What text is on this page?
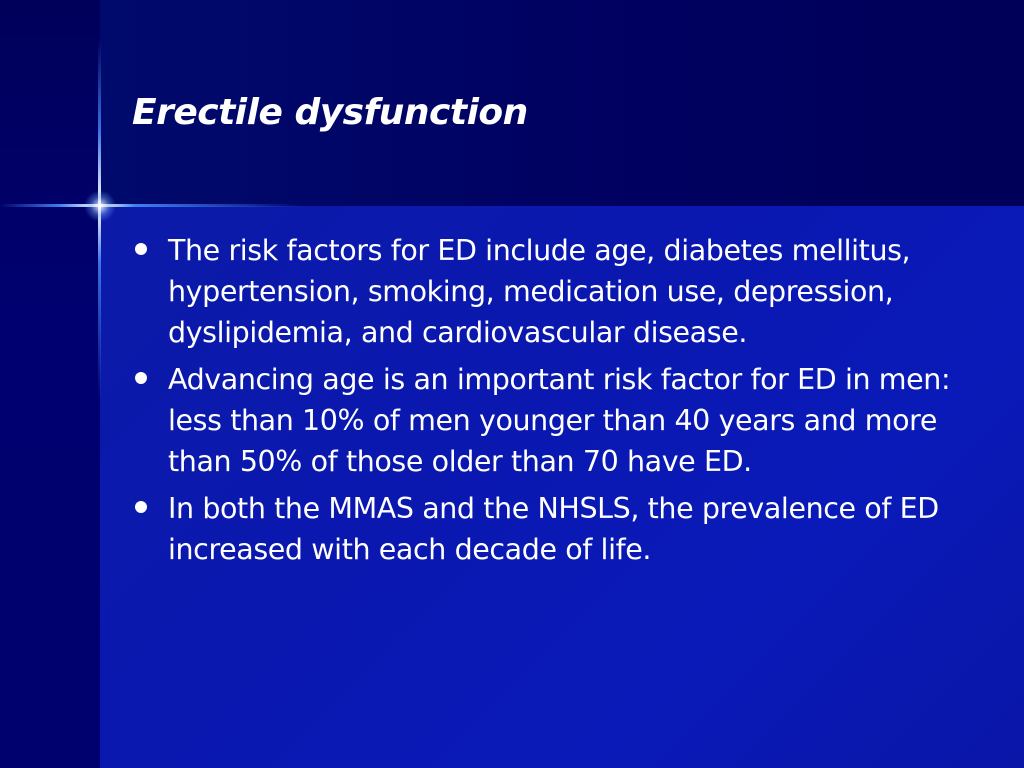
Erectile dysfunction
The risk factors for ED include age, diabetes mellitus, hypertension, smoking, medication use, depression, dyslipidemia, and cardiovascular disease.
Advancing age is an important risk factor for ED in men: less than 10% of men younger than 40 years and more than 50% of those older than 70 have ED.
In both the MMAS and the NHSLS, the prevalence of ED increased with each decade of life.
